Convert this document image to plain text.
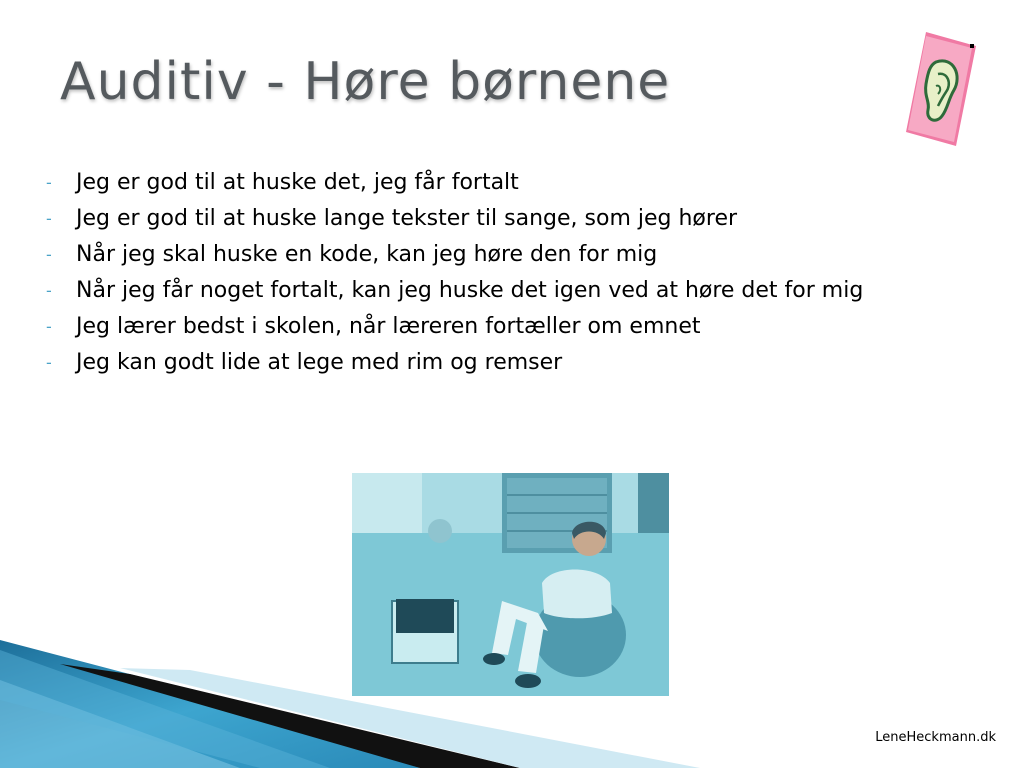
Auditiv - Høre børnene
-	Jeg er god til at huske det, jeg får fortalt
-	Jeg er god til at huske lange tekster til sange, som jeg hører
-	Når jeg skal huske en kode, kan jeg høre den for mig
-	Når jeg får noget fortalt, kan jeg huske det igen ved at høre det for mig
-	Jeg lærer bedst i skolen, når læreren fortæller om emnet
-	Jeg kan godt lide at lege med rim og remser
LeneHeckmann.dk
